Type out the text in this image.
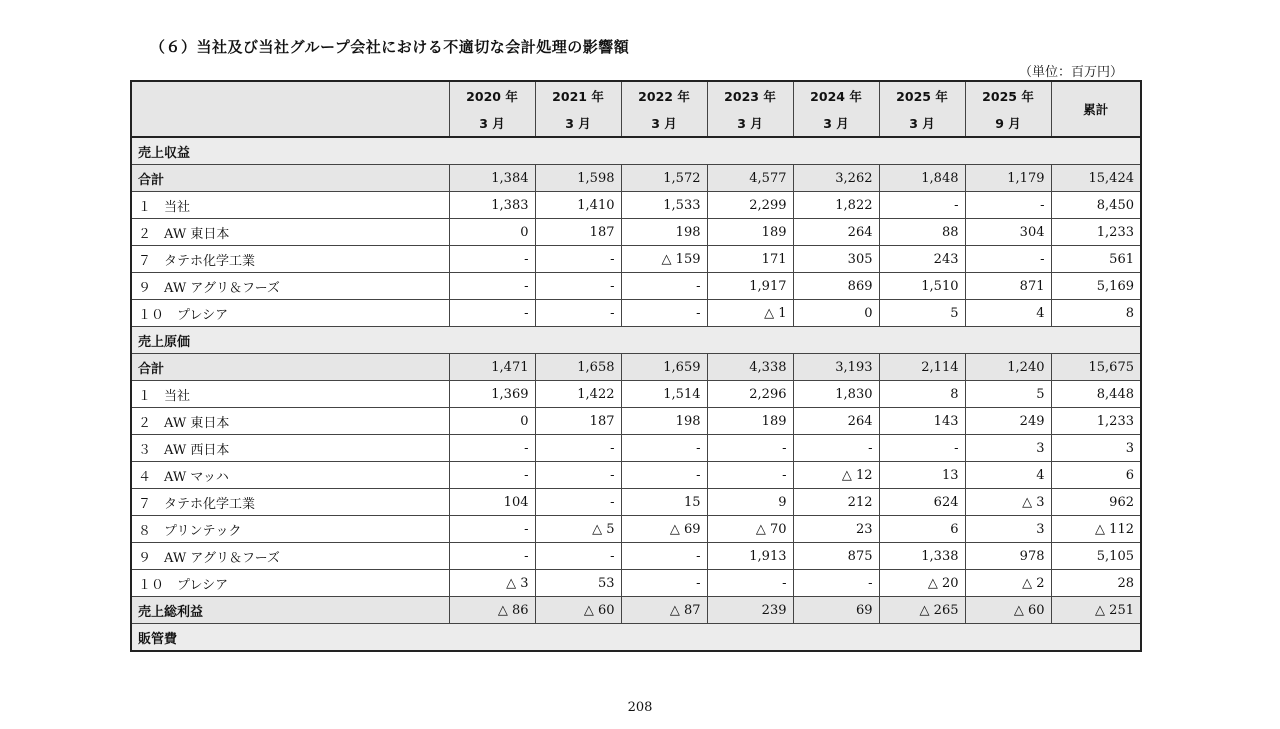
（６）当社及び当社グループ会社における不適切な会計処理の影響額
（単位：百万円）
	2020 年	2021 年	2022 年	2023 年	2024 年	2025 年	2025 年	累計
	3 月	3 月	3 月	3 月	3 月	3 月	9 月	
売上収益								
合計	1,384	1,598	1,572	4,577	3,262	1,848	1,179	15,424
１　当社	1,383	1,410	1,533	2,299	1,822	-	-	8,450
２　AW 東日本	0	187	198	189	264	88	304	1,233
７　タテホ化学工業	-	-	△ 159	171	305	243	-	561
９　AW アグリ＆フーズ	-	-	-	1,917	869	1,510	871	5,169
１０　プレシア	-	-	-	△ 1	0	5	4	8
売上原価								
合計	1,471	1,658	1,659	4,338	3,193	2,114	1,240	15,675
１　当社	1,369	1,422	1,514	2,296	1,830	8	5	8,448
２　AW 東日本	0	187	198	189	264	143	249	1,233
３　AW 西日本	-	-	-	-	-	-	3	3
４　AW マッハ	-	-	-	-	△ 12	13	4	6
７　タテホ化学工業	104	-	15	9	212	624	△ 3	962
８　プリンテック	-	△ 5	△ 69	△ 70	23	6	3	△ 112
９　AW アグリ＆フーズ	-	-	-	1,913	875	1,338	978	5,105
１０　プレシア	△ 3	53	-	-	-	△ 20	△ 2	28
売上総利益	△ 86	△ 60	△ 87	239	69	△ 265	△ 60	△ 251
販管費								
208
